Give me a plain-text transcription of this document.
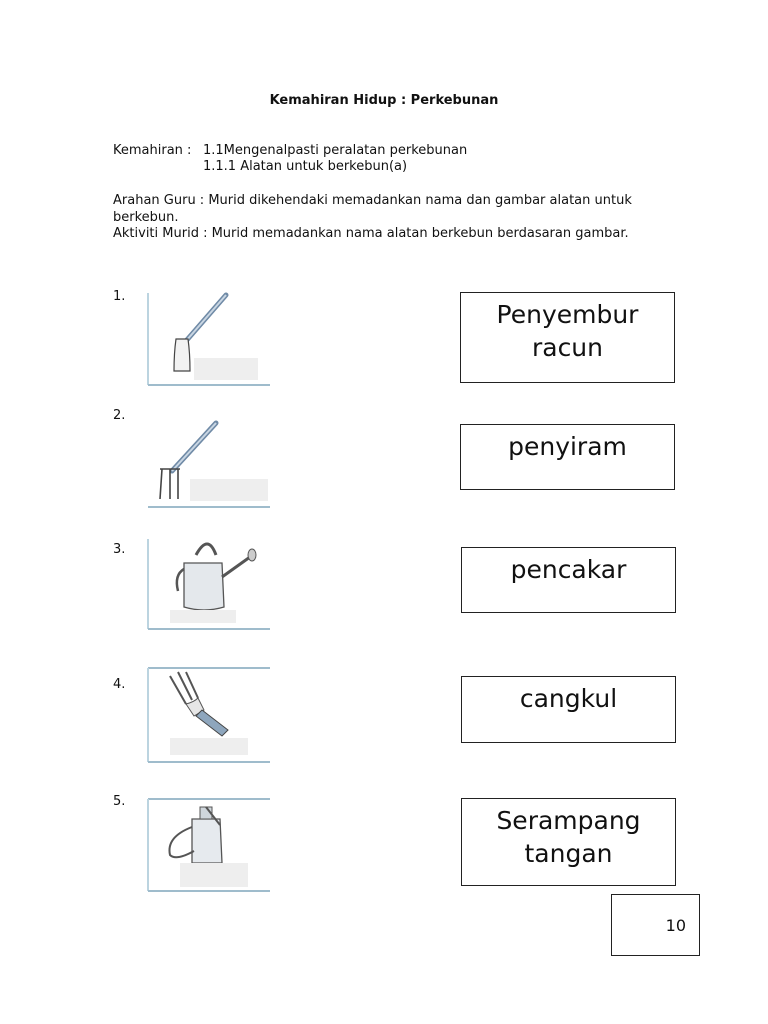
Kemahiran Hidup : Perkebunan
Kemahiran : 1.1Mengenalpasti peralatan perkebunan
1.1.1 Alatan untuk berkebun(a)
Arahan Guru : Murid dikehendaki memadankan nama dan gambar alatan untuk berkebun.
Aktiviti Murid : Murid memadankan nama alatan berkebun berdasaran gambar.
1.
2.
3.
4.
5.
Penyembur
racun
penyiram
pencakar
cangkul
Serampang
tangan
10
